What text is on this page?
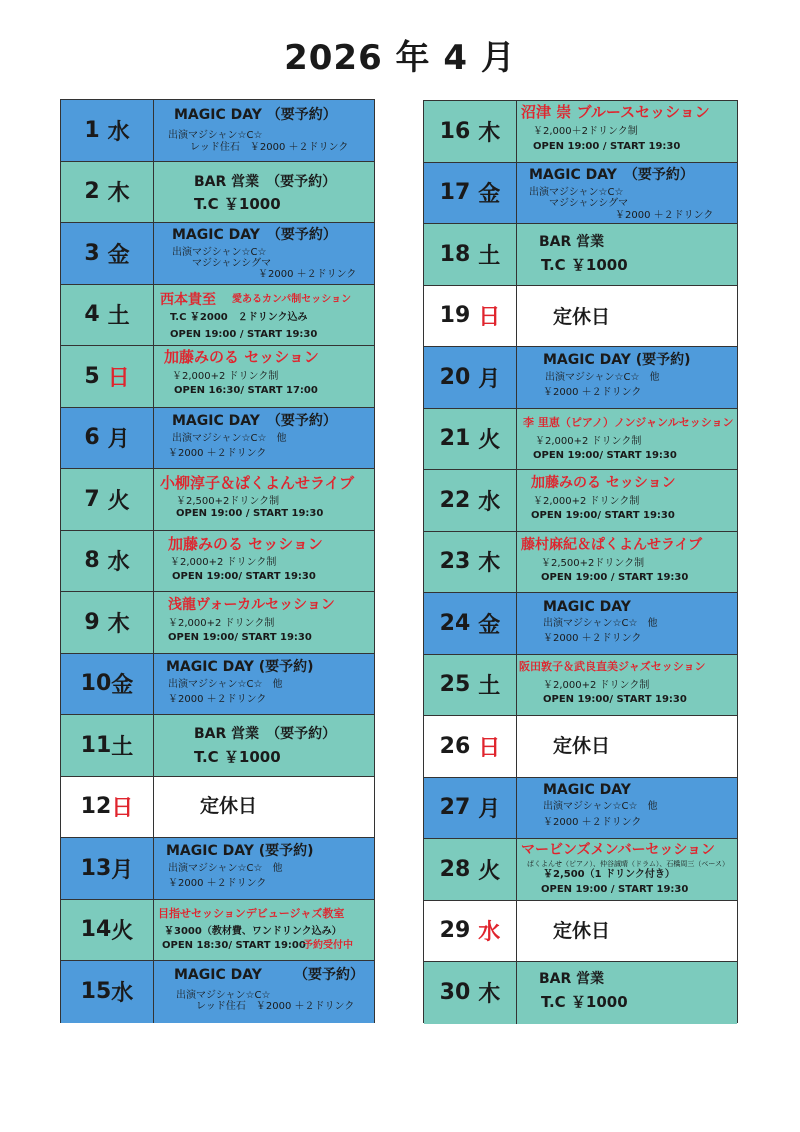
2026 年 4 月
1 水
MAGIC DAY （要予約）
出演マジシャン☆C☆
レッド住石　￥2000 ＋２ドリンク
2 木	BAR 営業　（要予約）
T.C ￥1000
3 金
MAGIC DAY　（要予約）
出演マジシャン☆C☆
マジシャンシグマ
￥2000 ＋２ドリンク
4 土
西本貴至 愛あるカンパ制セッション
T.C ￥2000　２ドリンク込み
OPEN 19:00 / START 19:30
5 日
加藤みのる セッション
￥2,000+2 ドリンク制
OPEN 16:30/ START 17:00
6 月
MAGIC DAY　（要予約）
出演マジシャン☆C☆　他
￥2000 ＋２ドリンク
7 火
小柳淳子＆ぱくよんせライブ
￥2,500+2ドリンク制
OPEN 19:00 / START 19:30
8 水
加藤みのる セッション
￥2,000+2 ドリンク制
OPEN 19:00/ START 19:30
9 木
浅龍ヴォーカルセッション
￥2,000+2 ドリンク制
OPEN 19:00/ START 19:30
10 金
MAGIC DAY (要予約)
出演マジシャン☆C☆　他
￥2000 ＋２ドリンク
11 土
BAR 営業　（要予約）
T.C ￥1000
12 日	定休日
13 月
MAGIC DAY (要予約)
出演マジシャン☆C☆　他
￥2000 ＋２ドリンク
14 火
目指せセッションデビュージャズ教室
￥3000（教材費、ワンドリンク込み）
OPEN 18:30/ START 19:00
予約受付中
15 水
MAGIC DAY （要予約）
出演マジシャン☆C☆
レッド住石　￥2000 ＋２ドリンク
16 木
沼津 崇 ブルースセッション
￥2,000＋2ドリンク制
OPEN 19:00 / START 19:30
17 金
MAGIC DAY　（要予約）
出演マジシャン☆C☆
マジシャンシグマ
￥2000 ＋２ドリンク
18 土
BAR 営業
T.C ￥1000
19 日	定休日
20 月
MAGIC DAY (要予約)
出演マジシャン☆C☆　他
￥2000 ＋２ドリンク
21 火
李 里恵（ピアノ）ノンジャンルセッション
￥2,000+2 ドリンク制
OPEN 19:00/ START 19:30
22 水
加藤みのる セッション
￥2,000+2 ドリンク制
OPEN 19:00/ START 19:30
23 木
藤村麻紀＆ぱくよんせライブ
￥2,500+2ドリンク制
OPEN 19:00 / START 19:30
24 金
MAGIC DAY
出演マジシャン☆C☆　他
￥2000 ＋２ドリンク
25 土
阪田敦子＆武良直美ジャズセッション
￥2,000+2 ドリンク制
OPEN 19:00/ START 19:30
26 日	定休日
27 月
MAGIC DAY
出演マジシャン☆C☆　他
￥2000 ＋２ドリンク
28 火
マービンズメンバーセッション
ぱくよんせ（ピアノ）、仲谷誠晴（ドラム）、石橋周三（ベース）
￥2,500（1 ドリンク付き）
OPEN 19:00 / START 19:30
29 水	定休日
30 木
BAR 営業
T.C ￥1000
